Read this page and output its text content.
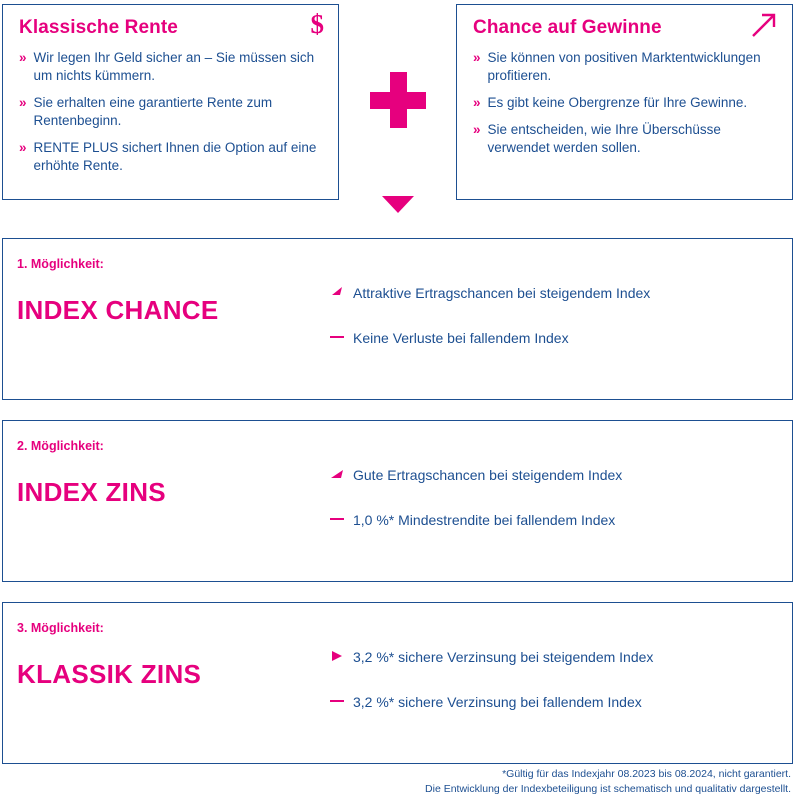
Klassische Rente	$
» Wir legen Ihr Geld sicher an – Sie müssen sich um nichts kümmern.
» Sie erhalten eine garantierte Rente zum Rentenbeginn.
» RENTE PLUS sichert Ihnen die Option auf eine erhöhte Rente.
Chance auf Gewinne
» Sie können von positiven Marktentwicklungen profitieren.
» Es gibt keine Obergrenze für Ihre Gewinne.
» Sie entscheiden, wie Ihre Überschüsse verwendet werden sollen.
1. Möglichkeit:
INDEX CHANCE
Attraktive Ertragschancen bei steigendem Index
Keine Verluste bei fallendem Index
2. Möglichkeit:
INDEX ZINS
Gute Ertragschancen bei steigendem Index
1,0 %* Mindestrendite bei fallendem Index
3. Möglichkeit:
KLASSIK ZINS
3,2 %* sichere Verzinsung bei steigendem Index
3,2 %* sichere Verzinsung bei fallendem Index
*Gültig für das Indexjahr 08.2023 bis 08.2024, nicht garantiert.
Die Entwicklung der Indexbeteiligung ist schematisch und qualitativ dargestellt.
